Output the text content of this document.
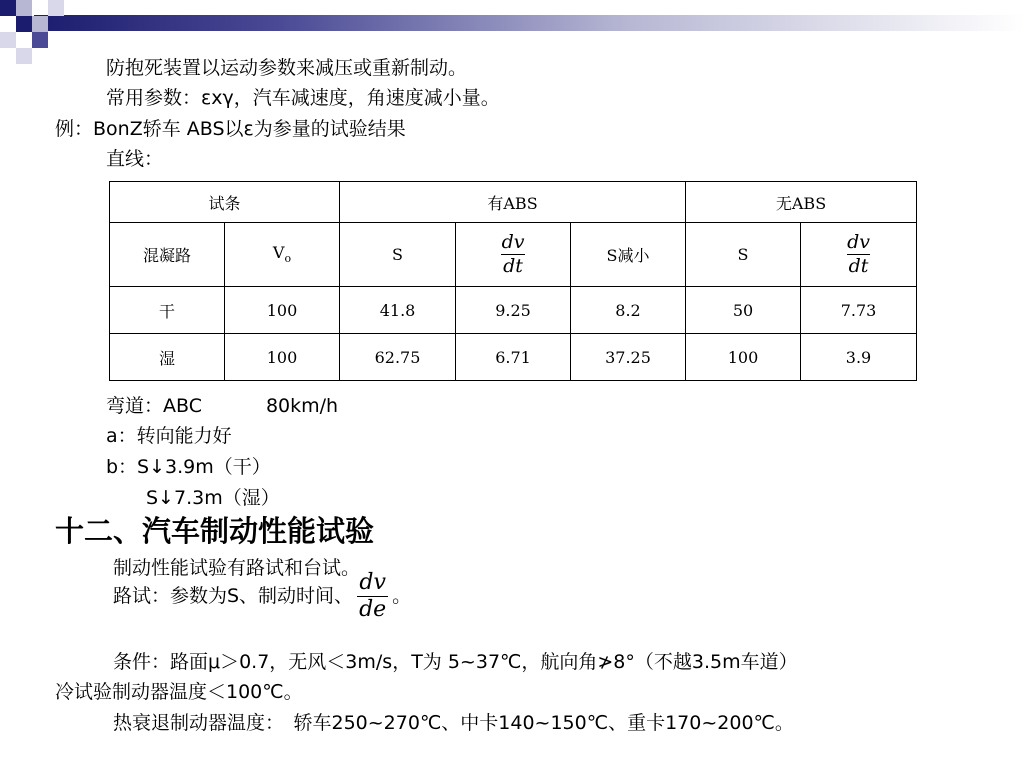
防抱死装置以运动参数来减压或重新制动。
常用参数：εxγ，汽车减速度，角速度减小量。
例：BonZ轿车 ABS以ε为参量的试验结果
直线：
试条		有ABS			无ABS	
混凝路	$V_o$	S	$\frac{dv}{dt}$	S减小	S	$\frac{dv}{dt}$

干	100	41.8	9.25	8.2	50	7.73
湿	100	62.75	6.71	37.25	100	3.9
弯道：ABC	80km/h
a：转向能力好
b：S↓3.9m（干）
S↓7.3m（湿）
十二、汽车制动性能试验
制动性能试验有路试和台试。
路试：参数为S、制动时间、 $\frac{dv}{de}$ 。
条件：路面μ＞0.7，无风＜3m/s，T为 5~37℃，航向角≯8°（不越3.5m车道）
冷试验制动器温度＜100℃。
热衰退制动器温度：　轿车250~270℃、中卡140~150℃、重卡170~200℃。
